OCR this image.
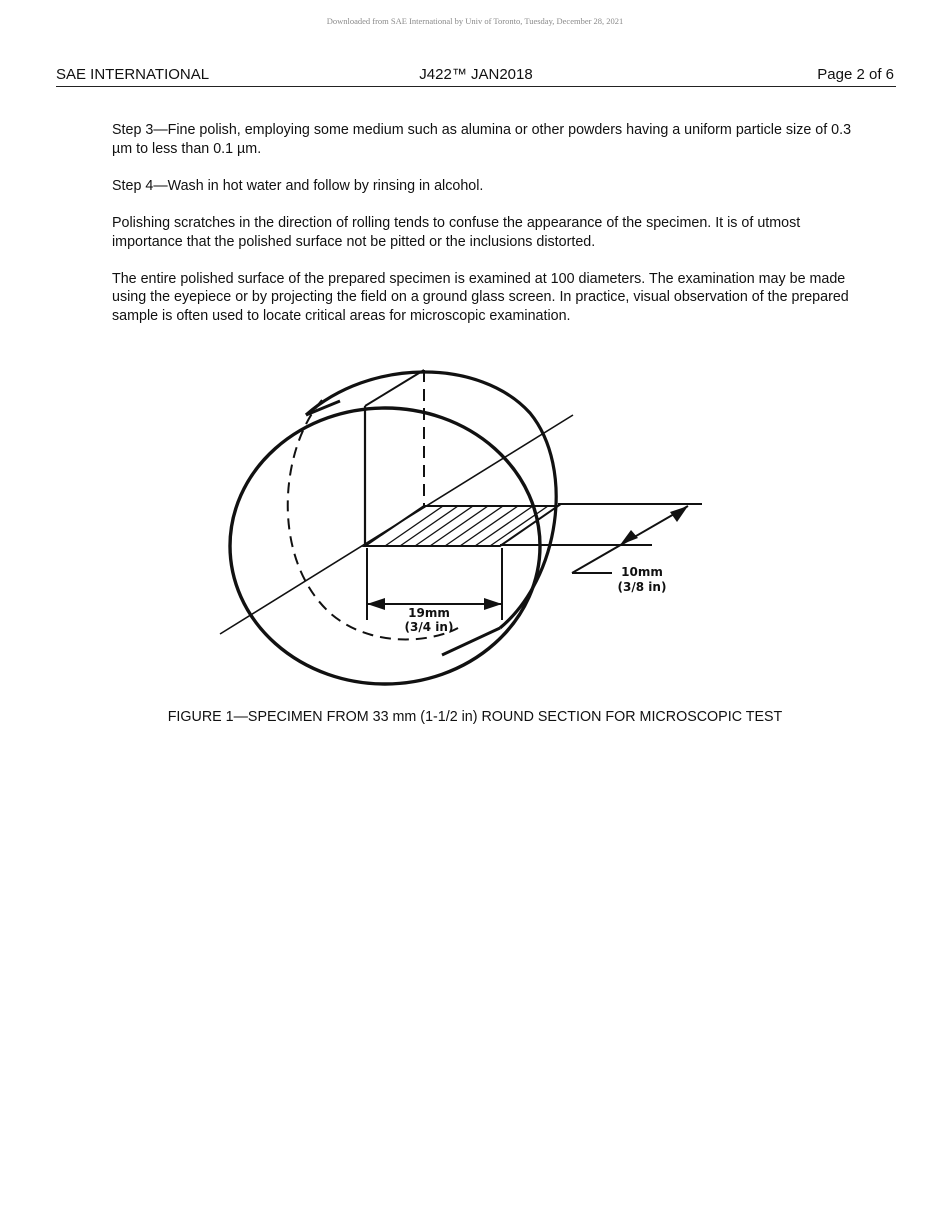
Downloaded from SAE International by Univ of Toronto, Tuesday, December 28, 2021
SAE INTERNATIONAL	J422™ JAN2018	Page 2 of 6

Step 3—Fine polish, employing some medium such as alumina or other powders having a uniform particle size of 0.3 µm to less than 0.1 µm.

Step 4—Wash in hot water and follow by rinsing in alcohol.

Polishing scratches in the direction of rolling tends to confuse the appearance of the specimen. It is of utmost importance that the polished surface not be pitted or the inclusions distorted.

The entire polished surface of the prepared specimen is examined at 100 diameters. The examination may be made using the eyepiece or by projecting the field on a ground glass screen. In practice, visual observation of the prepared sample is often used to locate critical areas for microscopic examination.

19mm
(3/4 in)
10mm
(3/8 in)
FIGURE 1—SPECIMEN FROM 33 mm (1-1/2 in) ROUND SECTION FOR MICROSCOPIC TEST
